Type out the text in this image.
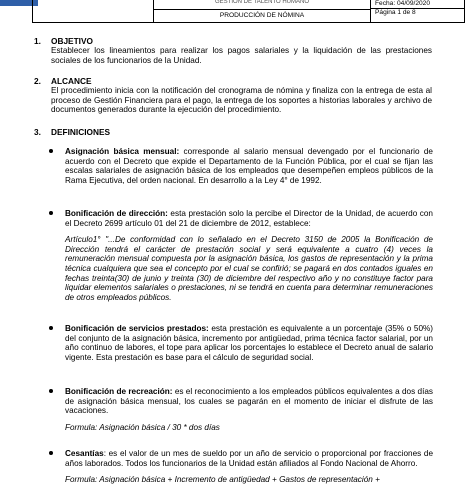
GESTIÓN DE TALENTO HUMANO
PRODUCCIÓN DE NÓMINA
Fecha: 04/09/2020
Página 1 de 8
1. OBJETIVO

Establecer los lineamientos para realizar los pagos salariales y la liquidación de las prestaciones sociales de los funcionarios de la Unidad.

2. ALCANCE

El procedimiento inicia con la notificación del cronograma de nómina y finaliza con la entrega de esta al proceso de Gestión Financiera para el pago, la entrega de los soportes a historias laborales y archivo de documentos generados durante la ejecución del procedimiento.

3. DEFINICIONES

Asignación básica mensual: corresponde al salario mensual devengado por el funcionario de acuerdo con el Decreto que expide el Departamento de la Función Pública, por el cual se fijan las escalas salariales de asignación básica de los empleados que desempeñen empleos públicos de la Rama Ejecutiva, del orden nacional. En desarrollo a la Ley 4° de 1992.

Bonificación de dirección: esta prestación solo la percibe el Director de la Unidad, de acuerdo con el Decreto 2699 artículo 01 del 21 de diciembre de 2012, establece:

Artículo1° "...De conformidad con lo señalado en el Decreto 3150 de 2005 la Bonificación de Dirección tendrá el carácter de prestación social y será equivalente a cuatro (4) veces la remuneración mensual compuesta por la asignación básica, los gastos de representación y la prima técnica cualquiera que sea el concepto por el cual se confirió; se pagará en dos contados iguales en fechas treinta(30) de junio y treinta (30) de diciembre del respectivo año y no constituye factor para liquidar elementos salariales o prestaciones, ni se tendrá en cuenta para determinar remuneraciones de otros empleados públicos.

Bonificación de servicios prestados: esta prestación es equivalente a un porcentaje (35% o 50%) del conjunto de la asignación básica, incremento por antigüedad, prima técnica factor salarial, por un año continuo de labores, el tope para aplicar los porcentajes lo establece el Decreto anual de salario vigente. Esta prestación es base para el cálculo de seguridad social.

Bonificación de recreación: es el reconocimiento a los empleados públicos equivalentes a dos días de asignación básica mensual, los cuales se pagarán en el momento de iniciar el disfrute de las vacaciones.

Formula: Asignación básica / 30 * dos días

Cesantías: es el valor de un mes de sueldo por un año de servicio o proporcional por fracciones de años laborados. Todos los funcionarios de la Unidad están afiliados al Fondo Nacional de Ahorro.

Formula: Asignación básica + Incremento de antigüedad + Gastos de representación +
